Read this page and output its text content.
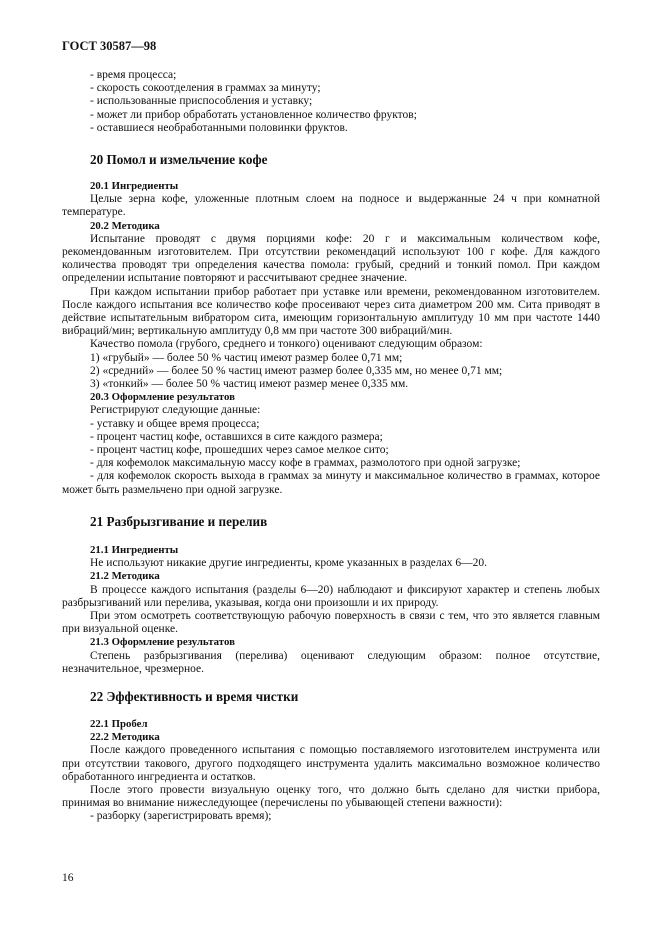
ГОСТ 30587—98

- время процесса;

- скорость сокоотделения в граммах за минуту;

- использованные приспособления и уставку;

- может ли прибор обработать установленное количество фруктов;

- оставшиеся необработанными половинки фруктов.

20 Помол и измельчение кофе

20.1 Ингредиенты

Целые зерна кофе, уложенные плотным слоем на подносе и выдержанные 24 ч при комнатной температуре.

20.2 Методика

Испытание проводят с двумя порциями кофе: 20 г и максимальным количеством кофе, рекомендованным изготовителем. При отсутствии рекомендаций используют 100 г кофе. Для каждого количества проводят три определения качества помола: грубый, средний и тонкий помол. При каждом определении испытание повторяют и рассчитывают среднее значение.

При каждом испытании прибор работает при уставке или времени, рекомендованном изготовителем. После каждого испытания все количество кофе просеивают через сита диаметром 200 мм. Сита приводят в действие испытательным вибратором сита, имеющим горизонтальную амплитуду 10 мм при частоте 1440 вибраций/мин; вертикальную амплитуду 0,8 мм при частоте 300 вибраций/мин.

Качество помола (грубого, среднего и тонкого) оценивают следующим образом:

1) «грубый» — более 50 % частиц имеют размер более 0,71 мм;

2) «средний» — более 50 % частиц имеют размер более 0,335 мм, но менее 0,71 мм;

3) «тонкий» — более 50 % частиц имеют размер менее 0,335 мм.

20.3 Оформление результатов

Регистрируют следующие данные:

- уставку и общее время процесса;

- процент частиц кофе, оставшихся в сите каждого размера;

- процент частиц кофе, прошедших через самое мелкое сито;

- для кофемолок максимальную массу кофе в граммах, размолотого при одной загрузке;

- для кофемолок скорость выхода в граммах за минуту и максимальное количество в граммах, которое может быть размельчено при одной загрузке.

21 Разбрызгивание и перелив

21.1 Ингредиенты

Не используют никакие другие ингредиенты, кроме указанных в разделах 6—20.

21.2 Методика

В процессе каждого испытания (разделы 6—20) наблюдают и фиксируют характер и степень любых разбрызгиваний или перелива, указывая, когда они произошли и их природу.

При этом осмотреть соответствующую рабочую поверхность в связи с тем, что это является главным при визуальной оценке.

21.3 Оформление результатов

Степень разбрызгивания (перелива) оценивают следующим образом: полное отсутствие, незначительное, чрезмерное.

22 Эффективность и время чистки

22.1 Пробел

22.2 Методика

После каждого проведенного испытания с помощью поставляемого изготовителем инструмента или при отсутствии такового, другого подходящего инструмента удалить максимально возможное количество обработанного ингредиента и остатков.

После этого провести визуальную оценку того, что должно быть сделано для чистки прибора, принимая во внимание нижеследующее (перечислены по убывающей степени важности):

- разборку (зарегистрировать время);

16
